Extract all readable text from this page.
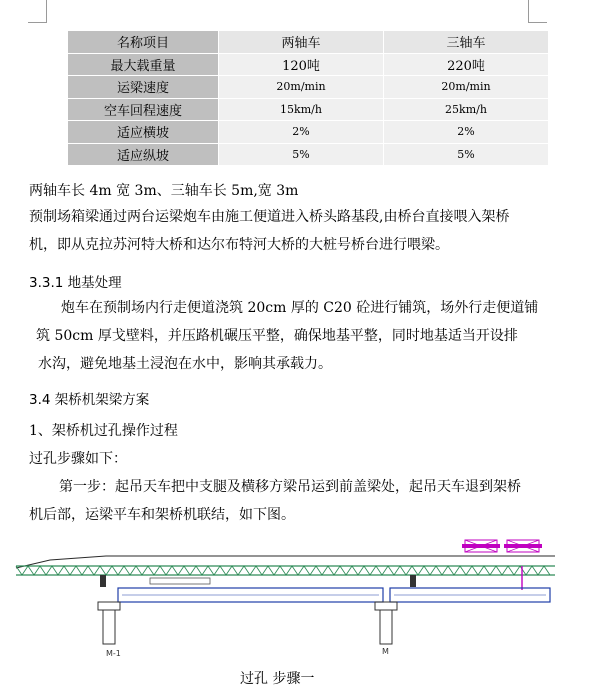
名称项目	两轴车	三轴车
最大载重量	120吨	220吨
运梁速度	20m/min	20m/min
空车回程速度	15km/h	25km/h
适应横坡	2%	2%
适应纵坡	5%	5%
两轴车长 4m 宽 3m、三轴车长 5m,宽 3m
预制场箱梁通过两台运梁炮车由施工便道进入桥头路基段,由桥台直接喂入架桥
机，即从克拉苏河特大桥和达尔布特河大桥的大桩号桥台进行喂梁。
3.3.1 地基处理
炮车在预制场内行走便道浇筑 20cm 厚的 C20 砼进行铺筑，场外行走便道铺
筑 50cm 厚戈壁料，并压路机碾压平整，确保地基平整，同时地基适当开设排
水沟，避免地基土浸泡在水中，影响其承载力。
3.4 架桥机架梁方案
1、架桥机过孔操作过程
过孔步骤如下：
第一步：起吊天车把中支腿及横移方梁吊运到前盖梁处，起吊天车退到架桥
机后部，运梁平车和架桥机联结，如下图。
M-1	M
过孔 步骤一
